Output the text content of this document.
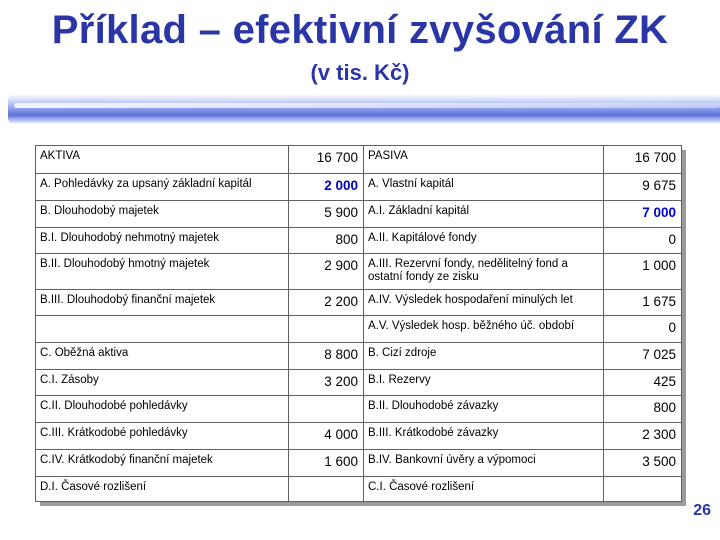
Příklad – efektivní zvyšování ZK
(v tis. Kč)
AKTIVA	16 700	PASIVA	16 700
A. Pohledávky za upsaný základní kapitál	2 000	A. Vlastní kapitál	9 675
B. Dlouhodobý majetek	5 900	A.I. Základní kapitál	7 000
B.I. Dlouhodobý nehmotný majetek	800	A.II. Kapitálové fondy	0
B.II. Dlouhodobý hmotný majetek	2 900	A.III. Rezervní fondy, nedělitelný fond a ostatní fondy ze zisku	1 000
B.III. Dlouhodobý finanční majetek	2 200	A.IV. Výsledek hospodaření minulých let	1 675
		A.V. Výsledek hosp. běžného úč. období	0
C. Oběžná aktiva	8 800	B. Cizí zdroje	7 025
C.I. Zásoby	3 200	B.I. Rezervy	425
C.II. Dlouhodobé pohledávky		B.II. Dlouhodobé závazky	800
C.III. Krátkodobé pohledávky	4 000	B.III. Krátkodobé závazky	2 300
C.IV. Krátkodobý finanční majetek	1 600	B.IV. Bankovní úvěry a výpomoci	3 500
D.I. Časové rozlišení		C.I. Časové rozlišení	
26
